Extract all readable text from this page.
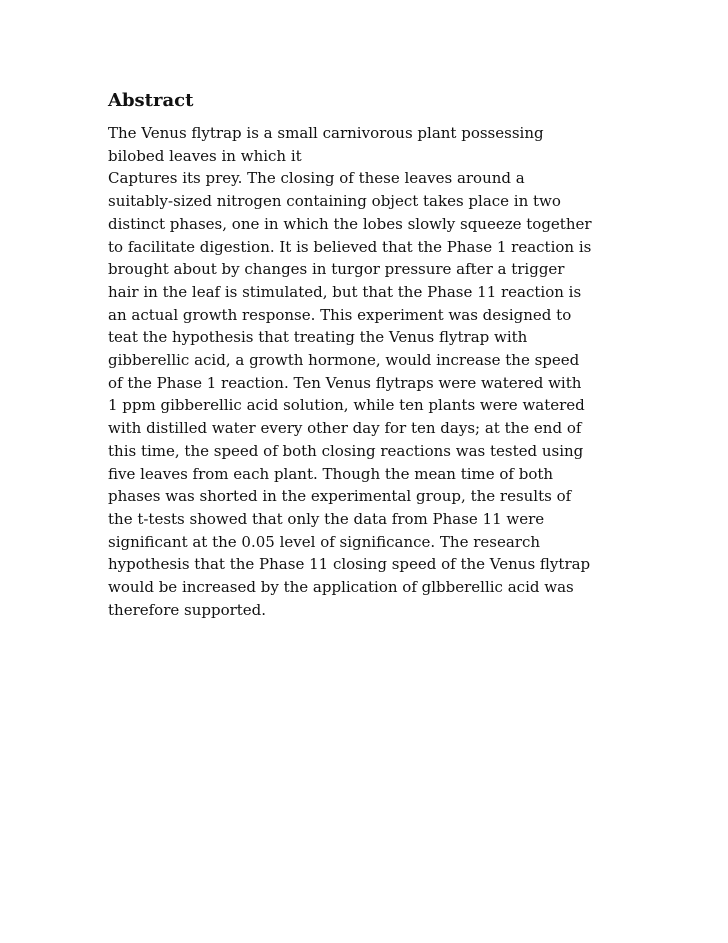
Abstract

The Venus flytrap is a small carnivorous plant possessing
bilobed leaves in which it
Captures its prey. The closing of these leaves around a
suitably-sized nitrogen containing object takes place in two
distinct phases, one in which the lobes slowly squeeze together
to facilitate digestion. It is believed that the Phase 1 reaction is
brought about by changes in turgor pressure after a trigger
hair in the leaf is stimulated, but that the Phase 11 reaction is
an actual growth response. This experiment was designed to
teat the hypothesis that treating the Venus flytrap with
gibberellic acid, a growth hormone, would increase the speed
of the Phase 1 reaction. Ten Venus flytraps were watered with
1 ppm gibberellic acid solution, while ten plants were watered
with distilled water every other day for ten days; at the end of
this time, the speed of both closing reactions was tested using
five leaves from each plant. Though the mean time of both
phases was shorted in the experimental group, the results of
the t-tests showed that only the data from Phase 11 were
significant at the 0.05 level of significance. The research
hypothesis that the Phase 11 closing speed of the Venus flytrap
would be increased by the application of glbberellic acid was
therefore supported.
